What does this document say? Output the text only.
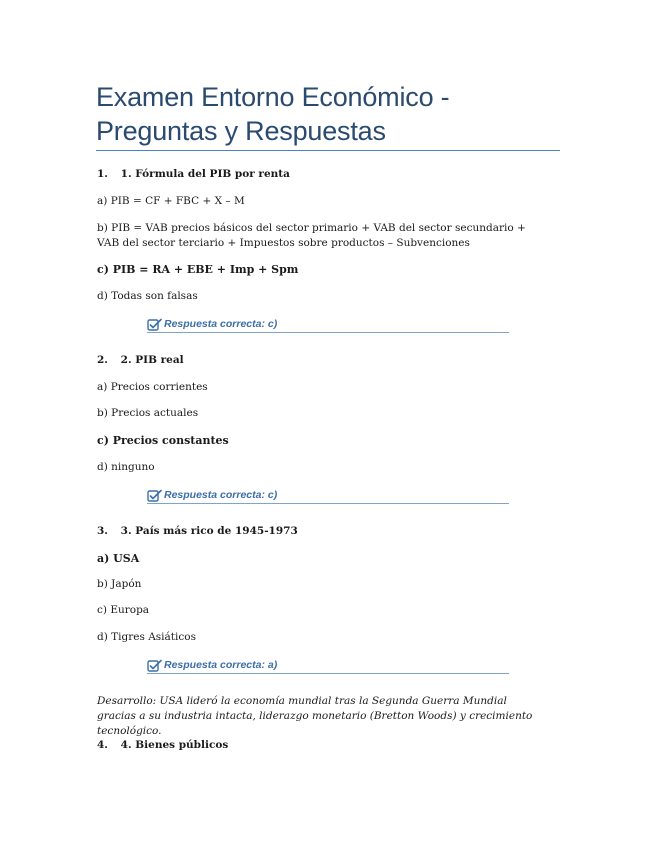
Examen Entorno Económico - Preguntas y Respuestas
1. 1. Fórmula del PIB por renta
a) PIB = CF + FBC + X – M
b) PIB = VAB precios básicos del sector primario + VAB del sector secundario + VAB del sector terciario + Impuestos sobre productos – Subvenciones
c) PIB = RA + EBE + Imp + Spm
d) Todas son falsas
Respuesta correcta: c)
2. 2. PIB real
a) Precios corrientes
b) Precios actuales
c) Precios constantes
d) ninguno
Respuesta correcta: c)
3. 3. País más rico de 1945-1973
a) USA
b) Japón
c) Europa
d) Tigres Asiáticos
Respuesta correcta: a)
Desarrollo: USA lideró la economía mundial tras la Segunda Guerra Mundial gracias a su industria intacta, liderazgo monetario (Bretton Woods) y crecimiento tecnológico.
4. 4. Bienes públicos
